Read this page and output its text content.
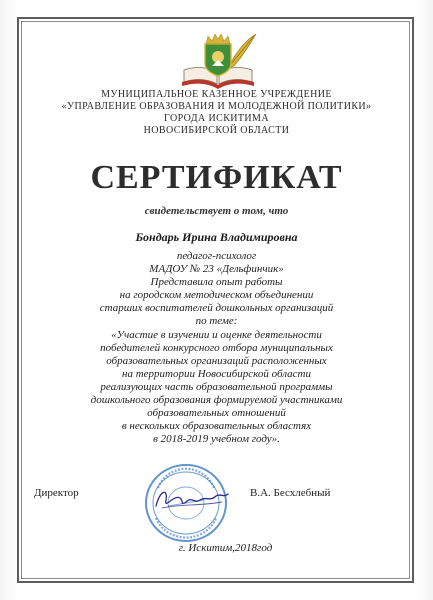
МУНИЦИПАЛЬНОЕ КАЗЕННОЕ УЧРЕЖДЕНИЕ
«УПРАВЛЕНИЕ ОБРАЗОВАНИЯ И МОЛОДЕЖНОЙ ПОЛИТИКИ»
ГОРОДА ИСКИТИМА
НОВОСИБИРСКОЙ ОБЛАСТИ
СЕРТИФИКАТ
свидетельствует о том, что
Бондарь Ирина Владимировна
педагог-психолог
МАДОУ № 23 «Дельфинчик»
Представила опыт работы
на городском методическом объединении
старших воспитателей дошкольных организаций
по теме:
«Участие в изучении и оценке деятельности
победителей конкурсного отбора муниципальных
образовательных организаций расположенных
на территории Новосибирской области
реализующих часть образовательной программы
дошкольного образования формируемой участниками
образовательных отношений
в нескольких образовательных областях
в 2018-2019 учебном году».
Директор	В.А. Бесхлебный
г. Искитим,2018год
